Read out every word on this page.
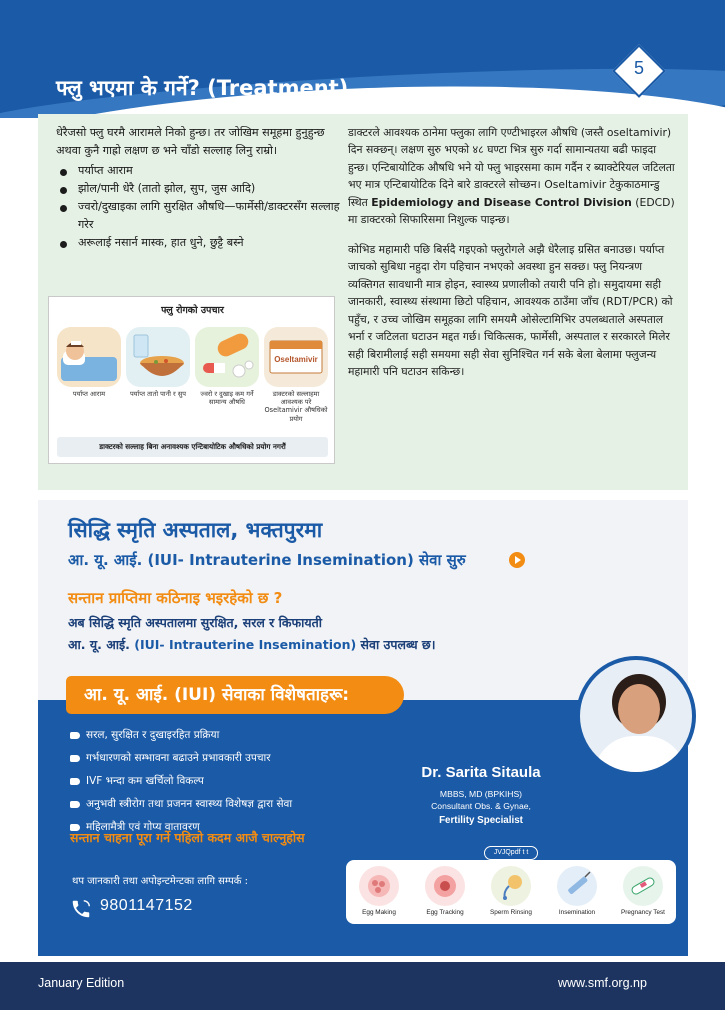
फ्लु भएमा के गर्ने? (Treatment)
5

धेरैजसो फ्लु घरमै आरामले निको हुन्छ। तर जोखिम समूहमा हुनुहुन्छ अथवा कुनै गाह्रो लक्षण छ भने चाँडो सल्लाह लिनु राम्रो।

पर्याप्त आराम
झोल/पानी धेरै (तातो झोल, सुप, जुस आदि)
ज्वरो/दुखाइका लागि सुरक्षित औषधि—फार्मेसी/डाक्टरसँग सल्लाह गरेर
अरूलाई नसार्न मास्क, हात धुने, छुट्टै बस्ने

डाक्टरले आवश्यक ठानेमा फ्लुका लागि एण्टीभाइरल औषधि (जस्तै oseltamivir) दिन सक्छन्। लक्षण सुरु भएको ४८ घण्टा भित्र सुरु गर्दा सामान्यतया बढी फाइदा हुन्छ। एन्टिबायोटिक औषधि भने यो फ्लु भाइरसमा काम गर्दैन र ब्याक्टेरियल जटिलता भए मात्र एन्टिबायोटिक दिने बारे डाक्टरले सोच्छन। Oseltamivir टेकुकाठमान्डु स्थित Epidemiology and Disease Control Division (EDCD) मा डाक्टरको सिफारिसमा निशुल्क पाइन्छ।

कोभिड महामारी पछि बिर्सदै गइएको फ्लुरोगले अझै धेरैलाइ ग्रसित बनाउछ। पर्याप्त जाचको सुबिधा नहुदा रोग पहिचान नभएको अवस्था हुन सक्छ। फ्लु नियन्त्रण व्यक्तिगत सावधानी मात्र होइन, स्वास्थ्य प्रणालीको तयारी पनि हो। समुदायमा सही जानकारी, स्वास्थ्य संस्थामा छिटो पहिचान, आवश्यक ठाउँमा जाँच (RDT/PCR) को पहुँच, र उच्च जोखिम समूहका लागि समयमै ओसेल्टामिभिर उपलब्धताले अस्पताल भर्ना र जटिलता घटाउन मद्दत गर्छ। चिकित्सक, फार्मेसी, अस्पताल र सरकारले मिलेर सही बिरामीलाई सही समयमा सही सेवा सुनिश्चित गर्न सके बेला बेलामा फ्लुजन्य महामारी पनि घटाउन सकिन्छ।

फ्लु रोगको उपचार
पर्याप्त आराम	पर्याप्त तातो पानी र सुप	ज्वरो र दुखाइ कम गर्ने सामान्य औषधि
Oseltamivir
डाक्टरको सल्लाहमा आवश्यक परे Oseltamivir औषधिको प्रयोग
डाक्टरको सल्लाह बिना अनावश्यक एन्टिबायोटिक औषधिको प्रयोग नगरौं
सिद्धि स्मृति अस्पताल, भक्तपुरमा
आ. यू. आई. (IUI- Intrauterine Insemination) सेवा सुरु
सन्तान प्राप्तिमा कठिनाइ भइरहेको छ ?
अब सिद्धि स्मृति अस्पतालमा सुरक्षित, सरल र किफायती
आ. यू. आई. (IUI- Intrauterine Insemination) सेवा उपलब्ध छ।
आ. यू. आई. (IUI) सेवाका विशेषताहरू:
सरल, सुरक्षित र दुखाइरहित प्रक्रिया
गर्भधारणको सम्भावना बढाउने प्रभावकारी उपचार
IVF भन्दा कम खर्चिलो विकल्प
अनुभवी स्त्रीरोग तथा प्रजनन स्वास्थ्य विशेषज्ञ द्वारा सेवा
महिलामैत्री एवं गोप्य वातावरण
सन्तान चाहना पूरा गर्ने पहिलो कदम आजै चाल्नुहोस
थप जानकारी तथा अपोइन्टमेन्टका लागि सम्पर्क :
9801147152
Dr. Sarita Sitaula
MBBS, MD (BPKIHS)
Consultant Obs. & Gynae,
Fertility Specialist
JVJQpdf t t
Egg Making	Egg Tracking	Sperm Rinsing	Insemination	Pregnancy Test
January Edition	www.smf.org.np
